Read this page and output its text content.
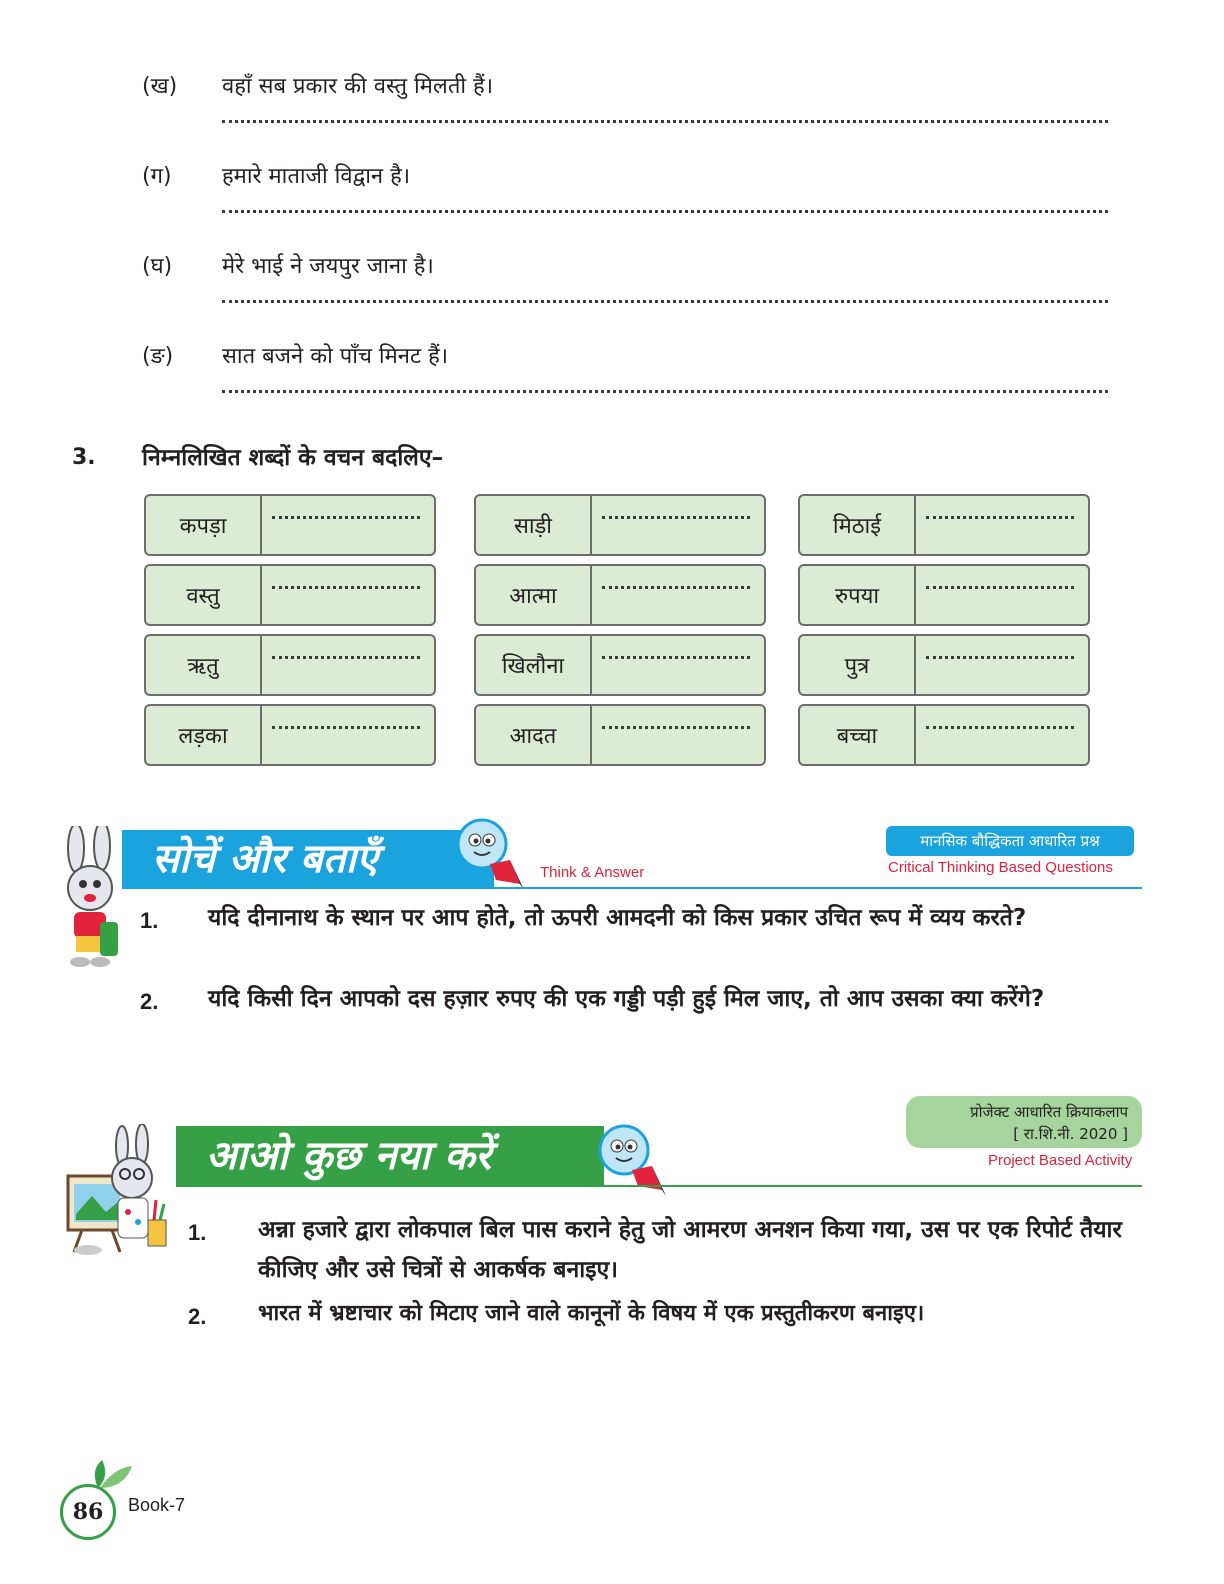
(ख) वहाँ सब प्रकार की वस्तु मिलती हैं।
(ग) हमारे माताजी विद्वान है।
(घ) मेरे भाई ने जयपुर जाना है।
(ङ) सात बजने को पाँच मिनट हैं।
3. निम्नलिखित शब्दों के वचन बदलिए–
कपड़ा	साड़ी	मिठाई
वस्तु	आत्मा	रुपया
ऋतु	खिलौना	पुत्र
लड़का	आदत	बच्चा
सोचें और बताएँ	Think & Answer
मानसिक बौद्धिकता आधारित प्रश्न
Critical Thinking Based Questions
1. यदि दीनानाथ के स्थान पर आप होते, तो ऊपरी आमदनी को किस प्रकार उचित रूप में व्यय करते?
2. यदि किसी दिन आपको दस हज़ार रुपए की एक गड्डी पड़ी हुई मिल जाए, तो आप उसका क्या करेंगे?
आओ कुछ नया करें
प्रोजेक्ट आधारित क्रियाकलाप
[ रा.शि.नी. 2020 ]
Project Based Activity
1. अन्ना हजारे द्वारा लोकपाल बिल पास कराने हेतु जो आमरण अनशन किया गया, उस पर एक रिपोर्ट तैयार कीजिए और उसे चित्रों से आकर्षक बनाइए।
2. भारत में भ्रष्टाचार को मिटाए जाने वाले कानूनों के विषय में एक प्रस्तुतीकरण बनाइए।
86	Book-7
